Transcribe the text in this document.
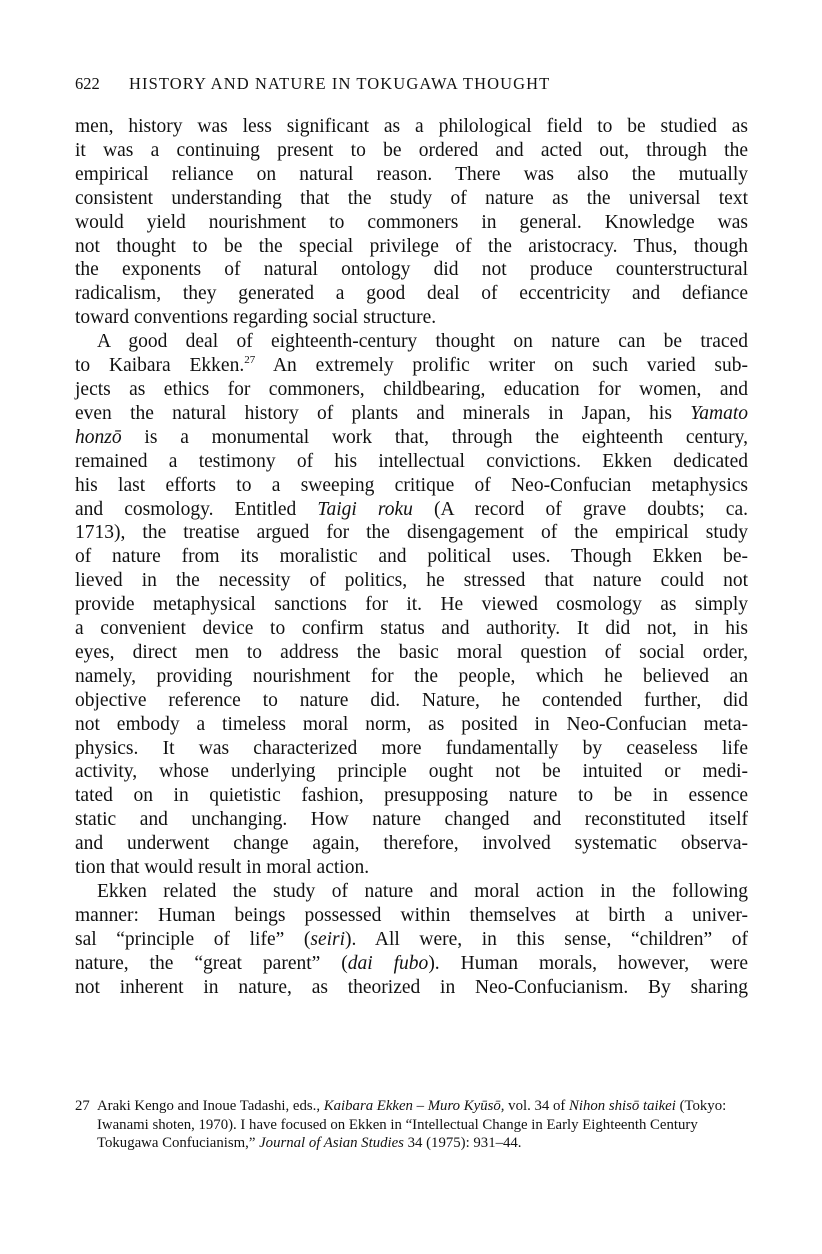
622 HISTORY AND NATURE IN TOKUGAWA THOUGHT

men, history was less significant as a philological field to be studied as
it was a continuing present to be ordered and acted out, through the
empirical reliance on natural reason. There was also the mutually
consistent understanding that the study of nature as the universal text
would yield nourishment to commoners in general. Knowledge was
not thought to be the special privilege of the aristocracy. Thus, though
the exponents of natural ontology did not produce counterstructural
radicalism, they generated a good deal of eccentricity and defiance
toward conventions regarding social structure.

A good deal of eighteenth-century thought on nature can be traced
to Kaibara Ekken.$^{27}$ An extremely prolific writer on such varied sub-
jects as ethics for commoners, childbearing, education for women, and
even the natural history of plants and minerals in Japan, his Yamato
honzō is a monumental work that, through the eighteenth century,
remained a testimony of his intellectual convictions. Ekken dedicated
his last efforts to a sweeping critique of Neo-Confucian metaphysics
and cosmology. Entitled Taigi roku (A record of grave doubts; ca.
1713), the treatise argued for the disengagement of the empirical study
of nature from its moralistic and political uses. Though Ekken be-
lieved in the necessity of politics, he stressed that nature could not
provide metaphysical sanctions for it. He viewed cosmology as simply
a convenient device to confirm status and authority. It did not, in his
eyes, direct men to address the basic moral question of social order,
namely, providing nourishment for the people, which he believed an
objective reference to nature did. Nature, he contended further, did
not embody a timeless moral norm, as posited in Neo-Confucian meta-
physics. It was characterized more fundamentally by ceaseless life
activity, whose underlying principle ought not be intuited or medi-
tated on in quietistic fashion, presupposing nature to be in essence
static and unchanging. How nature changed and reconstituted itself
and underwent change again, therefore, involved systematic observa-
tion that would result in moral action.

Ekken related the study of nature and moral action in the following
manner: Human beings possessed within themselves at birth a univer-
sal “principle of life” (seiri). All were, in this sense, “children” of
nature, the “great parent” (dai fubo). Human morals, however, were
not inherent in nature, as theorized in Neo-Confucianism. By sharing

27 Araki Kengo and Inoue Tadashi, eds., Kaibara Ekken – Muro Kyūsō, vol. 34 of Nihon shisō taikei (Tokyo: Iwanami shoten, 1970). I have focused on Ekken in “Intellectual Change in Early Eighteenth Century Tokugawa Confucianism,” Journal of Asian Studies 34 (1975): 931–44.
